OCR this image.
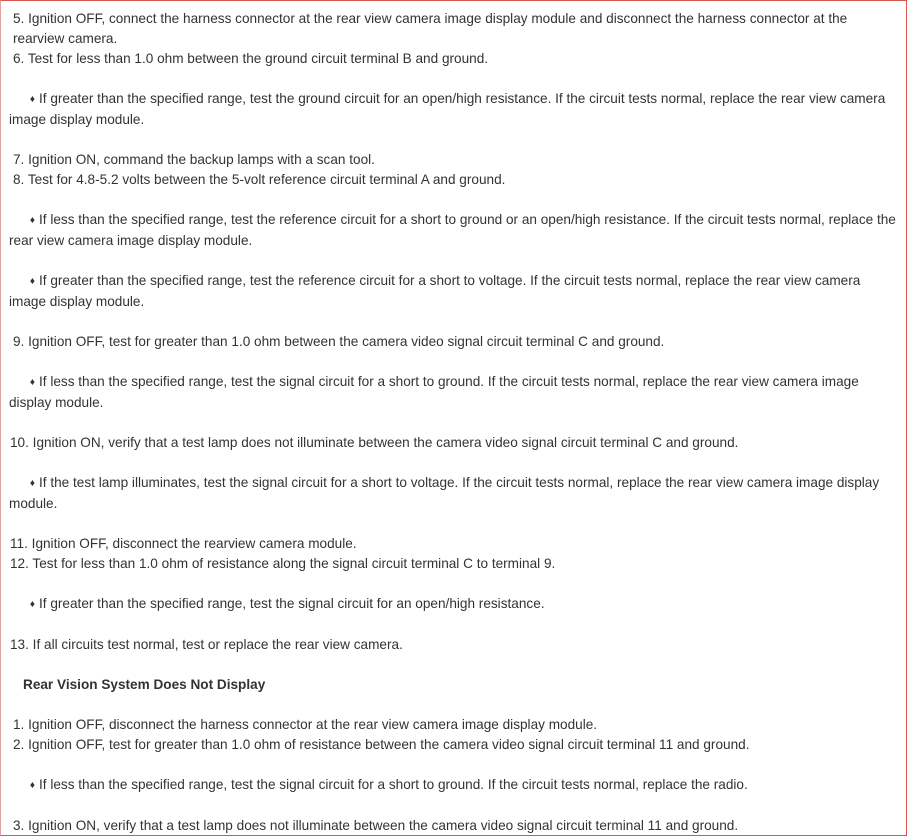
5. Ignition OFF, connect the harness connector at the rear view camera image display module and disconnect the harness connector at the rearview camera.
6. Test for less than 1.0 ohm between the ground circuit terminal B and ground.
♦ If greater than the specified range, test the ground circuit for an open/high resistance. If the circuit tests normal, replace the rear view camera image display module.
7. Ignition ON, command the backup lamps with a scan tool.
8. Test for 4.8-5.2 volts between the 5-volt reference circuit terminal A and ground.
♦ If less than the specified range, test the reference circuit for a short to ground or an open/high resistance. If the circuit tests normal, replace the rear view camera image display module.
♦ If greater than the specified range, test the reference circuit for a short to voltage. If the circuit tests normal, replace the rear view camera image display module.
9. Ignition OFF, test for greater than 1.0 ohm between the camera video signal circuit terminal C and ground.
♦ If less than the specified range, test the signal circuit for a short to ground. If the circuit tests normal, replace the rear view camera image display module.
10. Ignition ON, verify that a test lamp does not illuminate between the camera video signal circuit terminal C and ground.
♦ If the test lamp illuminates, test the signal circuit for a short to voltage. If the circuit tests normal, replace the rear view camera image display module.
11. Ignition OFF, disconnect the rearview camera module.
12. Test for less than 1.0 ohm of resistance along the signal circuit terminal C to terminal 9.
♦ If greater than the specified range, test the signal circuit for an open/high resistance.
13. If all circuits test normal, test or replace the rear view camera.
Rear Vision System Does Not Display
1. Ignition OFF, disconnect the harness connector at the rear view camera image display module.
2. Ignition OFF, test for greater than 1.0 ohm of resistance between the camera video signal circuit terminal 11 and ground.
♦ If less than the specified range, test the signal circuit for a short to ground. If the circuit tests normal, replace the radio.
3. Ignition ON, verify that a test lamp does not illuminate between the camera video signal circuit terminal 11 and ground.
